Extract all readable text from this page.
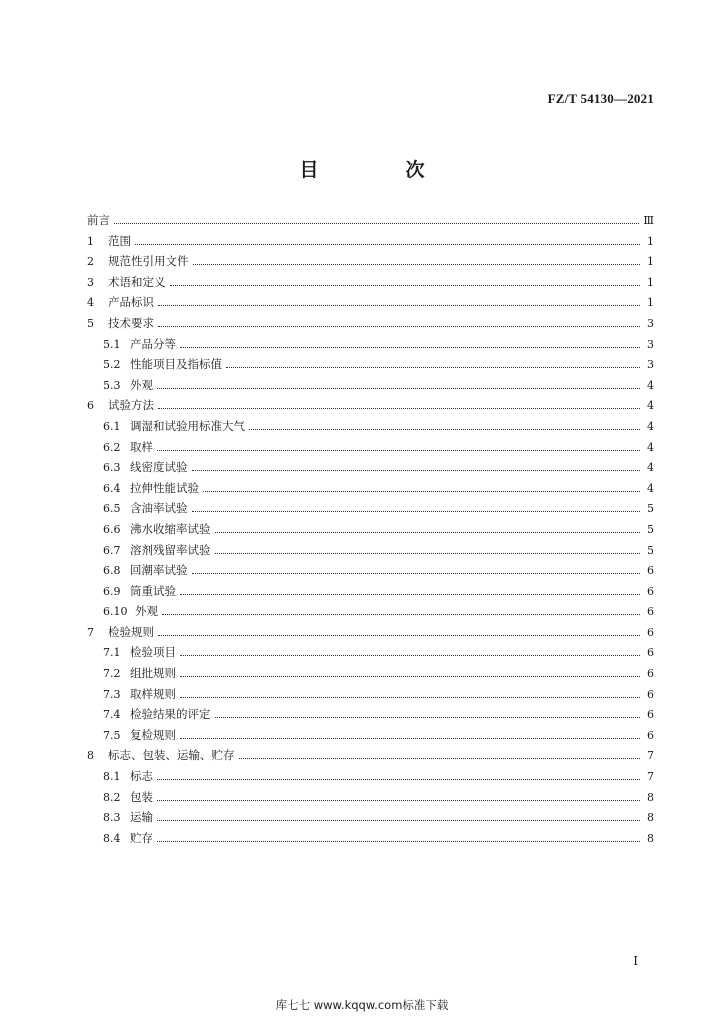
FZ/T 54130—2021
目　次
前言	Ⅲ
1	范围	1
2	规范性引用文件	1
3	术语和定义	1
4	产品标识	1
5	技术要求	3
5.1 产品分等	3
5.2 性能项目及指标值	3
5.3 外观	4
6	试验方法	4
6.1 调湿和试验用标准大气	4
6.2 取样	4
6.3 线密度试验	4
6.4 拉伸性能试验	4
6.5 含油率试验	5
6.6 沸水收缩率试验	5
6.7 溶剂残留率试验	5
6.8 回潮率试验	6
6.9 筒重试验	6
6.10 外观	6
7	检验规则	6
7.1 检验项目	6
7.2 组批规则	6
7.3 取样规则	6
7.4 检验结果的评定	6
7.5 复检规则	6
8	标志、包装、运输、贮存	7
8.1 标志	7
8.2 包装	8
8.3 运输	8
8.4 贮存	8
I
库七七 www.kqqw.com标准下载
